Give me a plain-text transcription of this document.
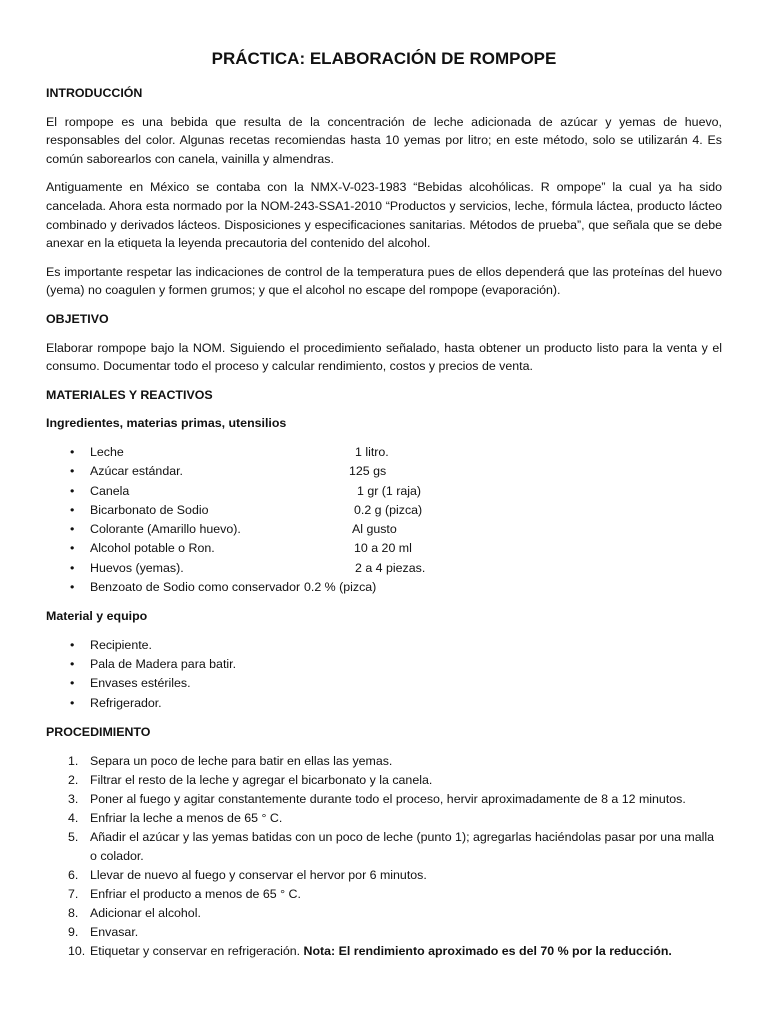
PRÁCTICA: ELABORACIÓN DE ROMPOPE
INTRODUCCIÓN

El rompope es una bebida que resulta de la concentración de leche adicionada de azúcar y yemas de huevo, responsables del color. Algunas recetas recomiendas hasta 10 yemas por litro; en este método, solo se utilizarán 4. Es común saborearlos con canela, vainilla y almendras.

Antiguamente en México se contaba con la NMX-V-023-1983 “Bebidas alcohólicas. R ompope” la cual ya ha sido cancelada. Ahora esta normado por la NOM-243-SSA1-2010 “Productos y servicios, leche, fórmula láctea, producto lácteo combinado y derivados lácteos. Disposiciones y especificaciones sanitarias. Métodos de prueba”, que señala que se debe anexar en la etiqueta la leyenda precautoria del contenido del alcohol.

Es importante respetar las indicaciones de control de la temperatura pues de ellos dependerá que las proteínas del huevo (yema) no coagulen y formen grumos; y que el alcohol no escape del rompope (evaporación).

OBJETIVO

Elaborar rompope bajo la NOM. Siguiendo el procedimiento señalado, hasta obtener un producto listo para la venta y el consumo. Documentar todo el proceso y calcular rendimiento, costos y precios de venta.

MATERIALES Y REACTIVOS
Ingredientes, materias primas, utensilios
• Leche	1 litro.
• Azúcar estándar.	125 gs
• Canela	1 gr (1 raja)
• Bicarbonato de Sodio	0.2 g (pizca)
• Colorante (Amarillo huevo).	Al gusto
• Alcohol potable o Ron.	10 a 20 ml
• Huevos (yemas).	2 a 4 piezas.
• Benzoato de Sodio como conservador 0.2 % (pizca)
Material y equipo
• Recipiente.
• Pala de Madera para batir.
• Envases estériles.
• Refrigerador.
PROCEDIMIENTO
1. Separa un poco de leche para batir en ellas las yemas.
2. Filtrar el resto de la leche y agregar el bicarbonato y la canela.
3. Poner al fuego y agitar constantemente durante todo el proceso, hervir aproximadamente de 8 a 12 minutos.
4. Enfriar la leche a menos de 65 ° C.
5. Añadir el azúcar y las yemas batidas con un poco de leche (punto 1); agregarlas haciéndolas pasar por una malla o colador.
6. Llevar de nuevo al fuego y conservar el hervor por 6 minutos.
7. Enfriar el producto a menos de 65 ° C.
8. Adicionar el alcohol.
9. Envasar.
10. Etiquetar y conservar en refrigeración. Nota: El rendimiento aproximado es del 70 % por la reducción.
